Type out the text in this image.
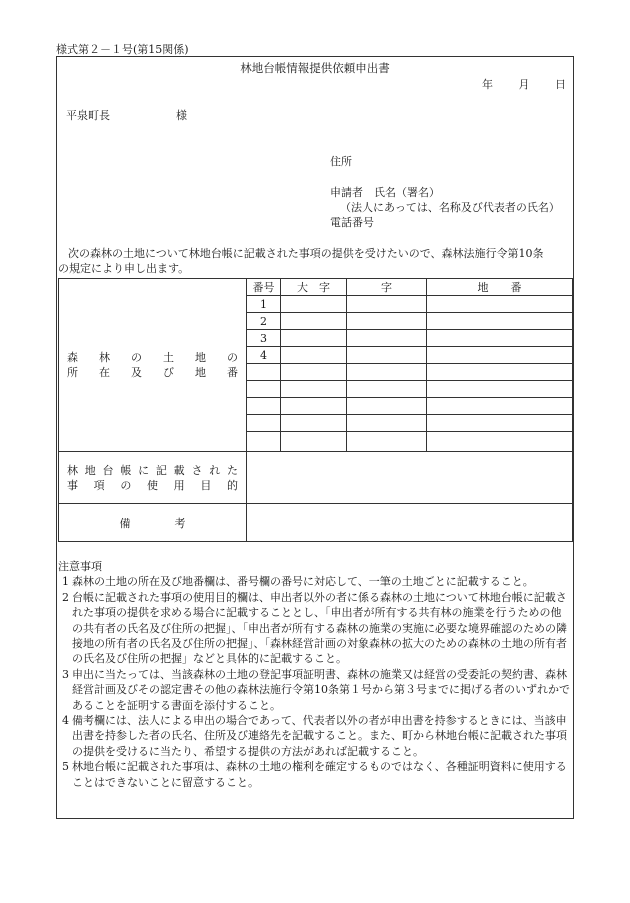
様式第２－１号(第15関係)
林地台帳情報提供依頼申出書
年 月 日
平泉町長	様
住所
申請者　氏名（署名）
（法人にあっては、名称及び代表者の氏名）
電話番号
次の森林の土地について林地台帳に記載された事項の提供を受けたいので、森林法施行令第10条
の規定により申し出ます。
森林の土地の
所在及び地番	番号	大　字	字	地　　番
	1			
	2			
	3			
	4			

林地台帳に記載された
事項の使用目的				

備　　　　考				
注意事項
1 森林の土地の所在及び地番欄は、番号欄の番号に対応して、一筆の土地ごとに記載すること。
2 台帳に記載された事項の使用目的欄は、申出者以外の者に係る森林の土地について林地台帳に記載された事項の提供を求める場合に記載することとし、「申出者が所有する共有林の施業を行うための他の共有者の氏名及び住所の把握」、「申出者が所有する森林の施業の実施に必要な境界確認のための隣接地の所有者の氏名及び住所の把握」、「森林経営計画の対象森林の拡大のための森林の土地の所有者の氏名及び住所の把握」などと具体的に記載すること。
3 申出に当たっては、当該森林の土地の登記事項証明書、森林の施業又は経営の受委託の契約書、森林経営計画及びその認定書その他の森林法施行令第10条第１号から第３号までに掲げる者のいずれかであることを証明する書面を添付すること。
4 備考欄には、法人による申出の場合であって、代表者以外の者が申出書を持参するときには、当該申出書を持参した者の氏名、住所及び連絡先を記載すること。また、町から林地台帳に記載された事項の提供を受けるに当たり、希望する提供の方法があれば記載すること。
5 林地台帳に記載された事項は、森林の土地の権利を確定するものではなく、各種証明資料に使用することはできないことに留意すること。
